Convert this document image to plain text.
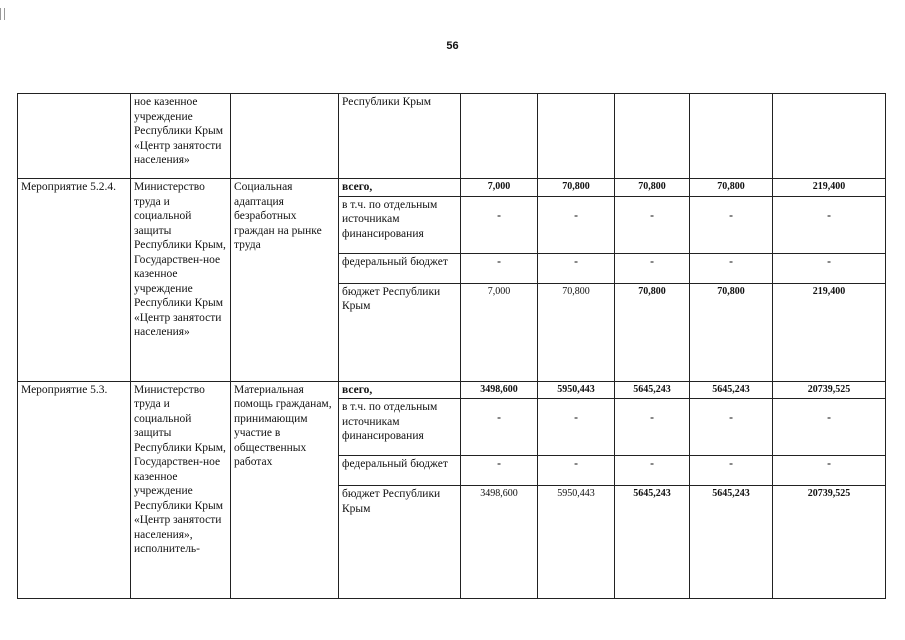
56
	ное казенное учреждение Республики Крым «Центр занятости населения»		Республики Крым					
Мероприятие 5.2.4.	Министерство труда и социальной защиты Республики Крым, Государствен-ное казенное учреждение Республики Крым «Центр занятости населения»	Социальная адаптация безработных граждан на рынке труда	всего,	7,000	70,800	70,800	70,800	219,400
			в т.ч. по отдельным источникам финансирования	-	-	-	-	-
			федеральный бюджет	-	-	-	-	-
			бюджет Республики Крым	7,000	70,800	70,800	70,800	219,400
Мероприятие 5.3.	Министерство труда и социальной защиты Республики Крым, Государствен-ное казенное учреждение Республики Крым «Центр занятости населения», исполнитель-	Материальная помощь гражданам, принимающим участие в общественных работах	всего,	3498,600	5950,443	5645,243	5645,243	20739,525
			в т.ч. по отдельным источникам финансирования	-	-	-	-	-
			федеральный бюджет	-	-	-	-	-
			бюджет Республики Крым	3498,600	5950,443	5645,243	5645,243	20739,525
